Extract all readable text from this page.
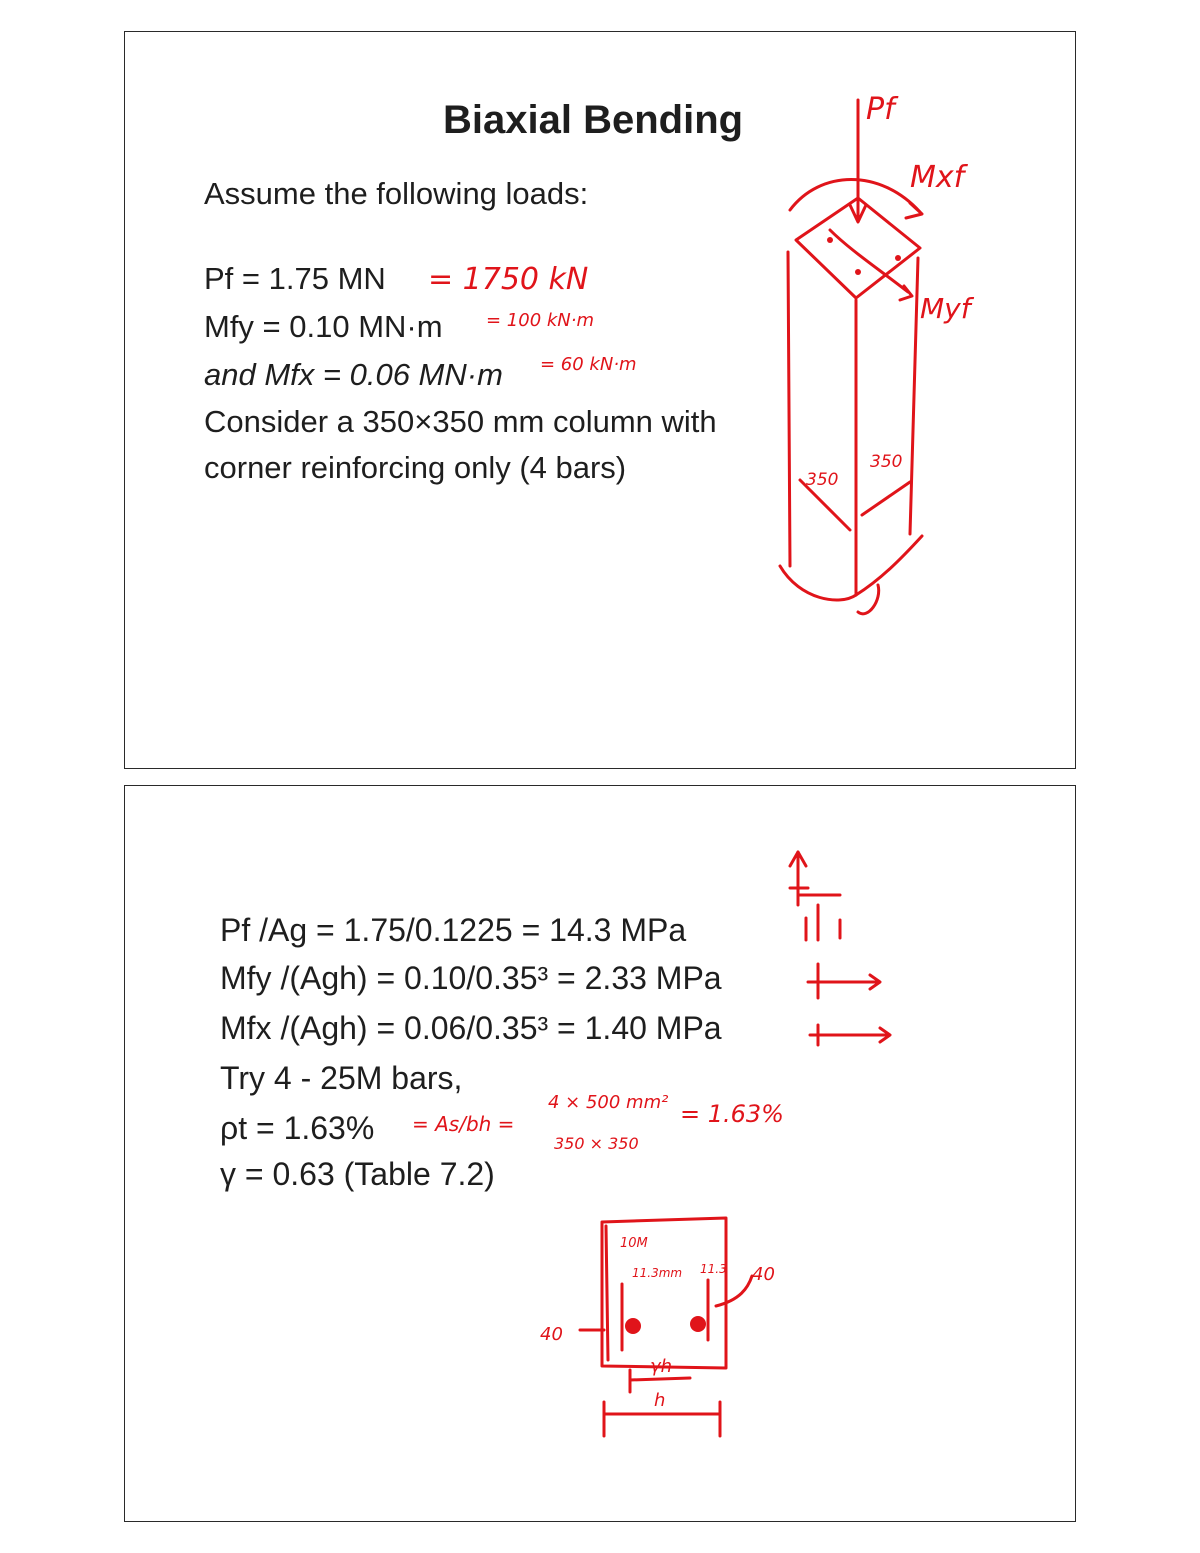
Biaxial Bending
Assume the following loads:
Pf = 1.75 MN
Mfy = 0.10 MN·m
and Mfx = 0.06 MN·m
Consider a 350×350 mm column with
corner reinforcing only (4 bars)
= 1750 kN
= 100 kN·m
= 60 kN·m
Pf
Mxf
Myf
350
350
Pf /Ag = 1.75/0.1225 = 14.3 MPa
Mfy /(Agh) = 0.10/0.35³ = 2.33 MPa
Mfx /(Agh) = 0.06/0.35³ = 1.40 MPa
Try 4 - 25M bars,
ρt = 1.63%
γ = 0.63 (Table 7.2)
= As/bh =
4 × 500 mm²
350 × 350
= 1.63%
10M
11.3mm 11.3 40
40
γh
h
